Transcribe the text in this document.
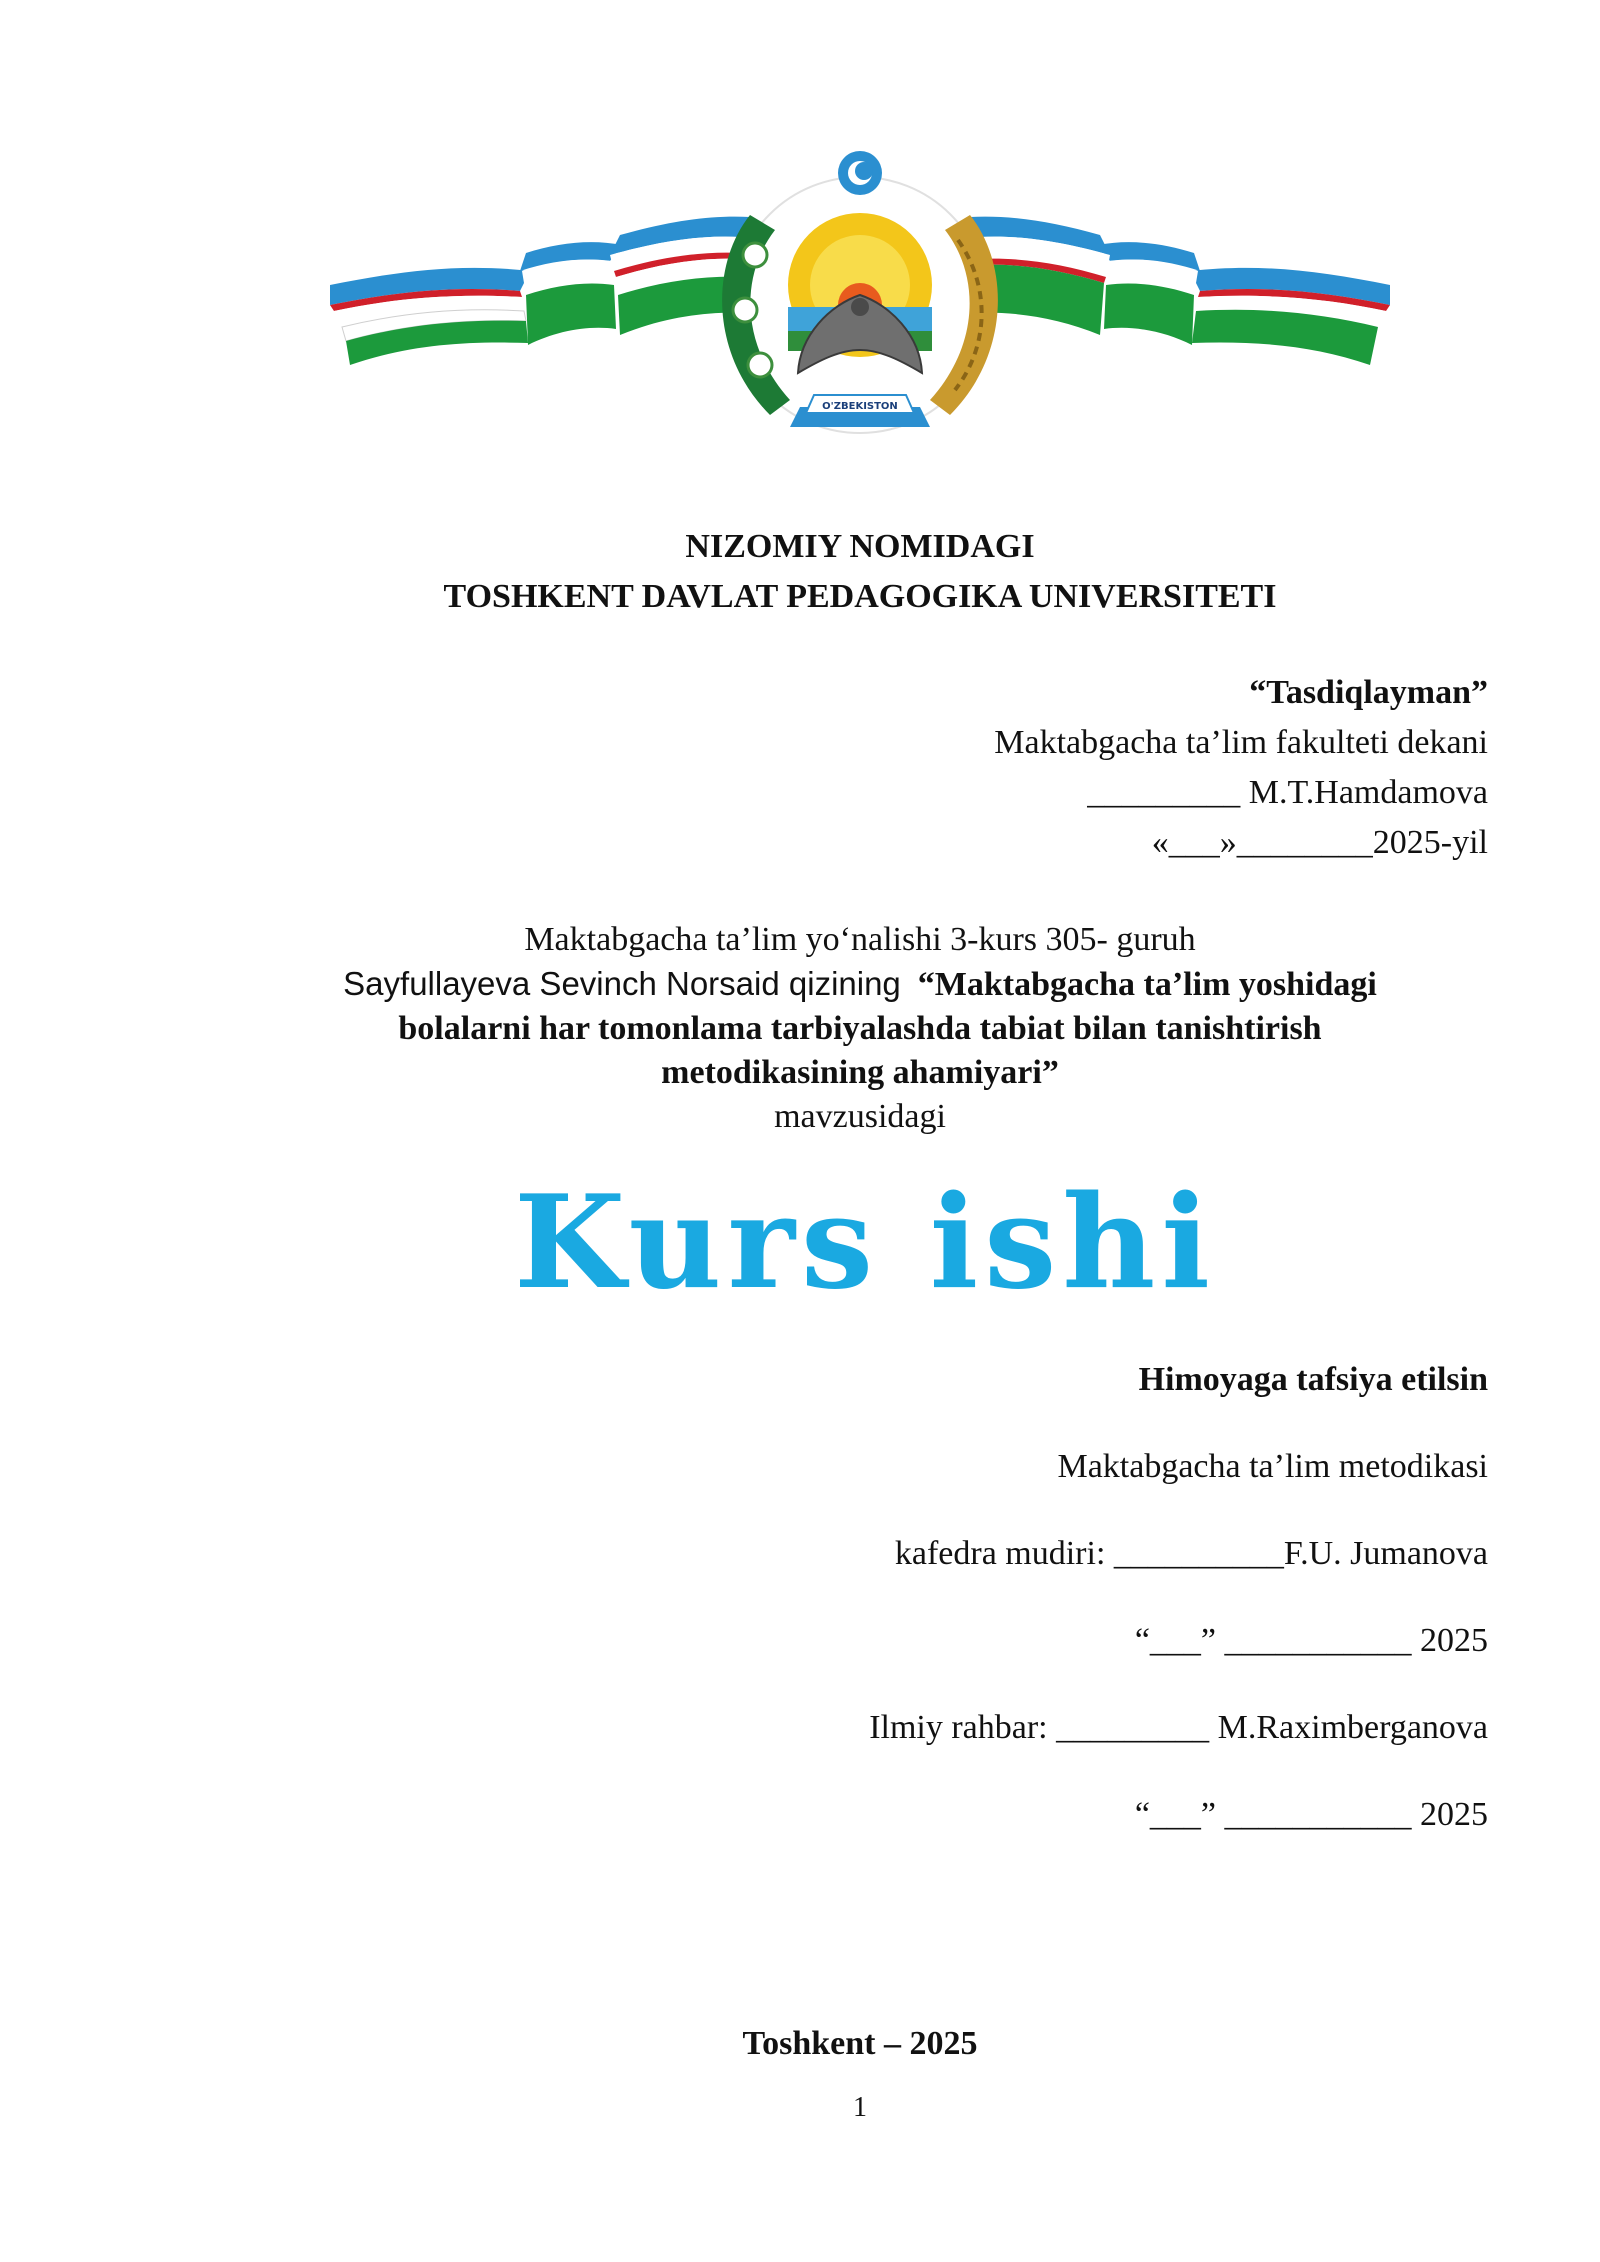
O'ZBEKISTON
NIZOMIY NOMIDAGI
TOSHKENT DAVLAT PEDAGOGIKA UNIVERSITETI
“Tasdiqlayman”
Maktabgacha ta’lim fakulteti dekani
_________ M.T.Hamdamova
«___»________2025-yil
Maktabgacha ta’lim yo‘nalishi 3-kurs 305- guruh
Sayfullayeva Sevinch Norsaid qizining “Maktabgacha ta’lim yoshidagi
bolalarni har tomonlama tarbiyalashda tabiat bilan tanishtirish
metodikasining ahamiyari”
mavzusidagi
Kurs ishi
Himoyaga tafsiya etilsin
Maktabgacha ta’lim metodikasi
kafedra mudiri: __________F.U. Jumanova
“___” ___________ 2025
Ilmiy rahbar: _________ M.Raximberganova
“___” ___________ 2025
Toshkent – 2025
1
